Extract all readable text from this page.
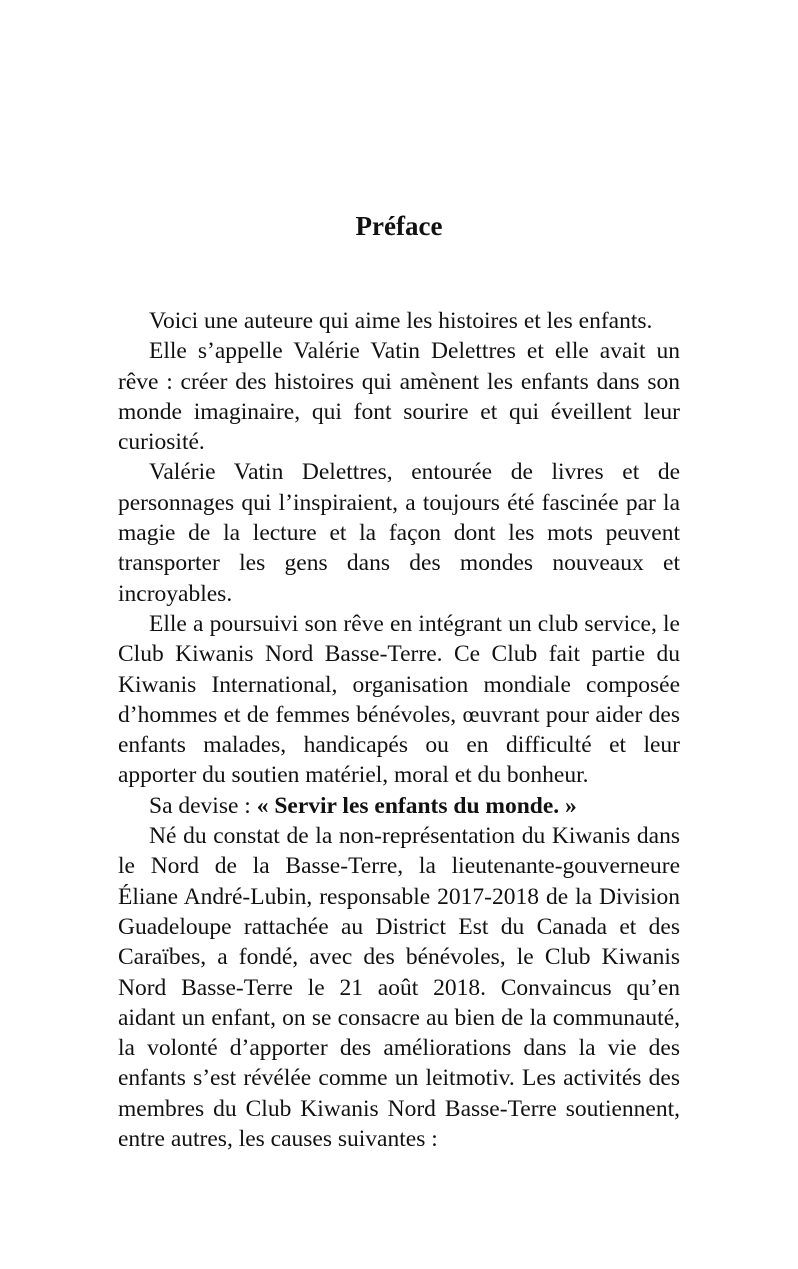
Préface

Voici une auteure qui aime les histoires et les enfants.

Elle s’appelle Valérie Vatin Delettres et elle avait un rêve : créer des histoires qui amènent les enfants dans son monde imaginaire, qui font sourire et qui éveillent leur curiosité.

Valérie Vatin Delettres, entourée de livres et de personnages qui l’inspiraient, a toujours été fascinée par la magie de la lecture et la façon dont les mots peuvent transporter les gens dans des mondes nouveaux et incroyables.

Elle a poursuivi son rêve en intégrant un club service, le Club Kiwanis Nord Basse-Terre. Ce Club fait partie du Kiwanis International, organisation mondiale composée d’hommes et de femmes bénévoles, œuvrant pour aider des enfants malades, handicapés ou en difficulté et leur apporter du soutien matériel, moral et du bonheur.

Sa devise : « Servir les enfants du monde. »

Né du constat de la non-représentation du Kiwanis dans le Nord de la Basse-Terre, la lieutenante-gouverneure Éliane André-Lubin, responsable 2017-2018 de la Division Guadeloupe rattachée au District Est du Canada et des Caraïbes, a fondé, avec des bénévoles, le Club Kiwanis Nord Basse-Terre le 21 août 2018. Convaincus qu’en aidant un enfant, on se consacre au bien de la communauté, la volonté d’apporter des améliorations dans la vie des enfants s’est révélée comme un leitmotiv. Les activités des membres du Club Kiwanis Nord Basse-Terre soutiennent, entre autres, les causes suivantes :
